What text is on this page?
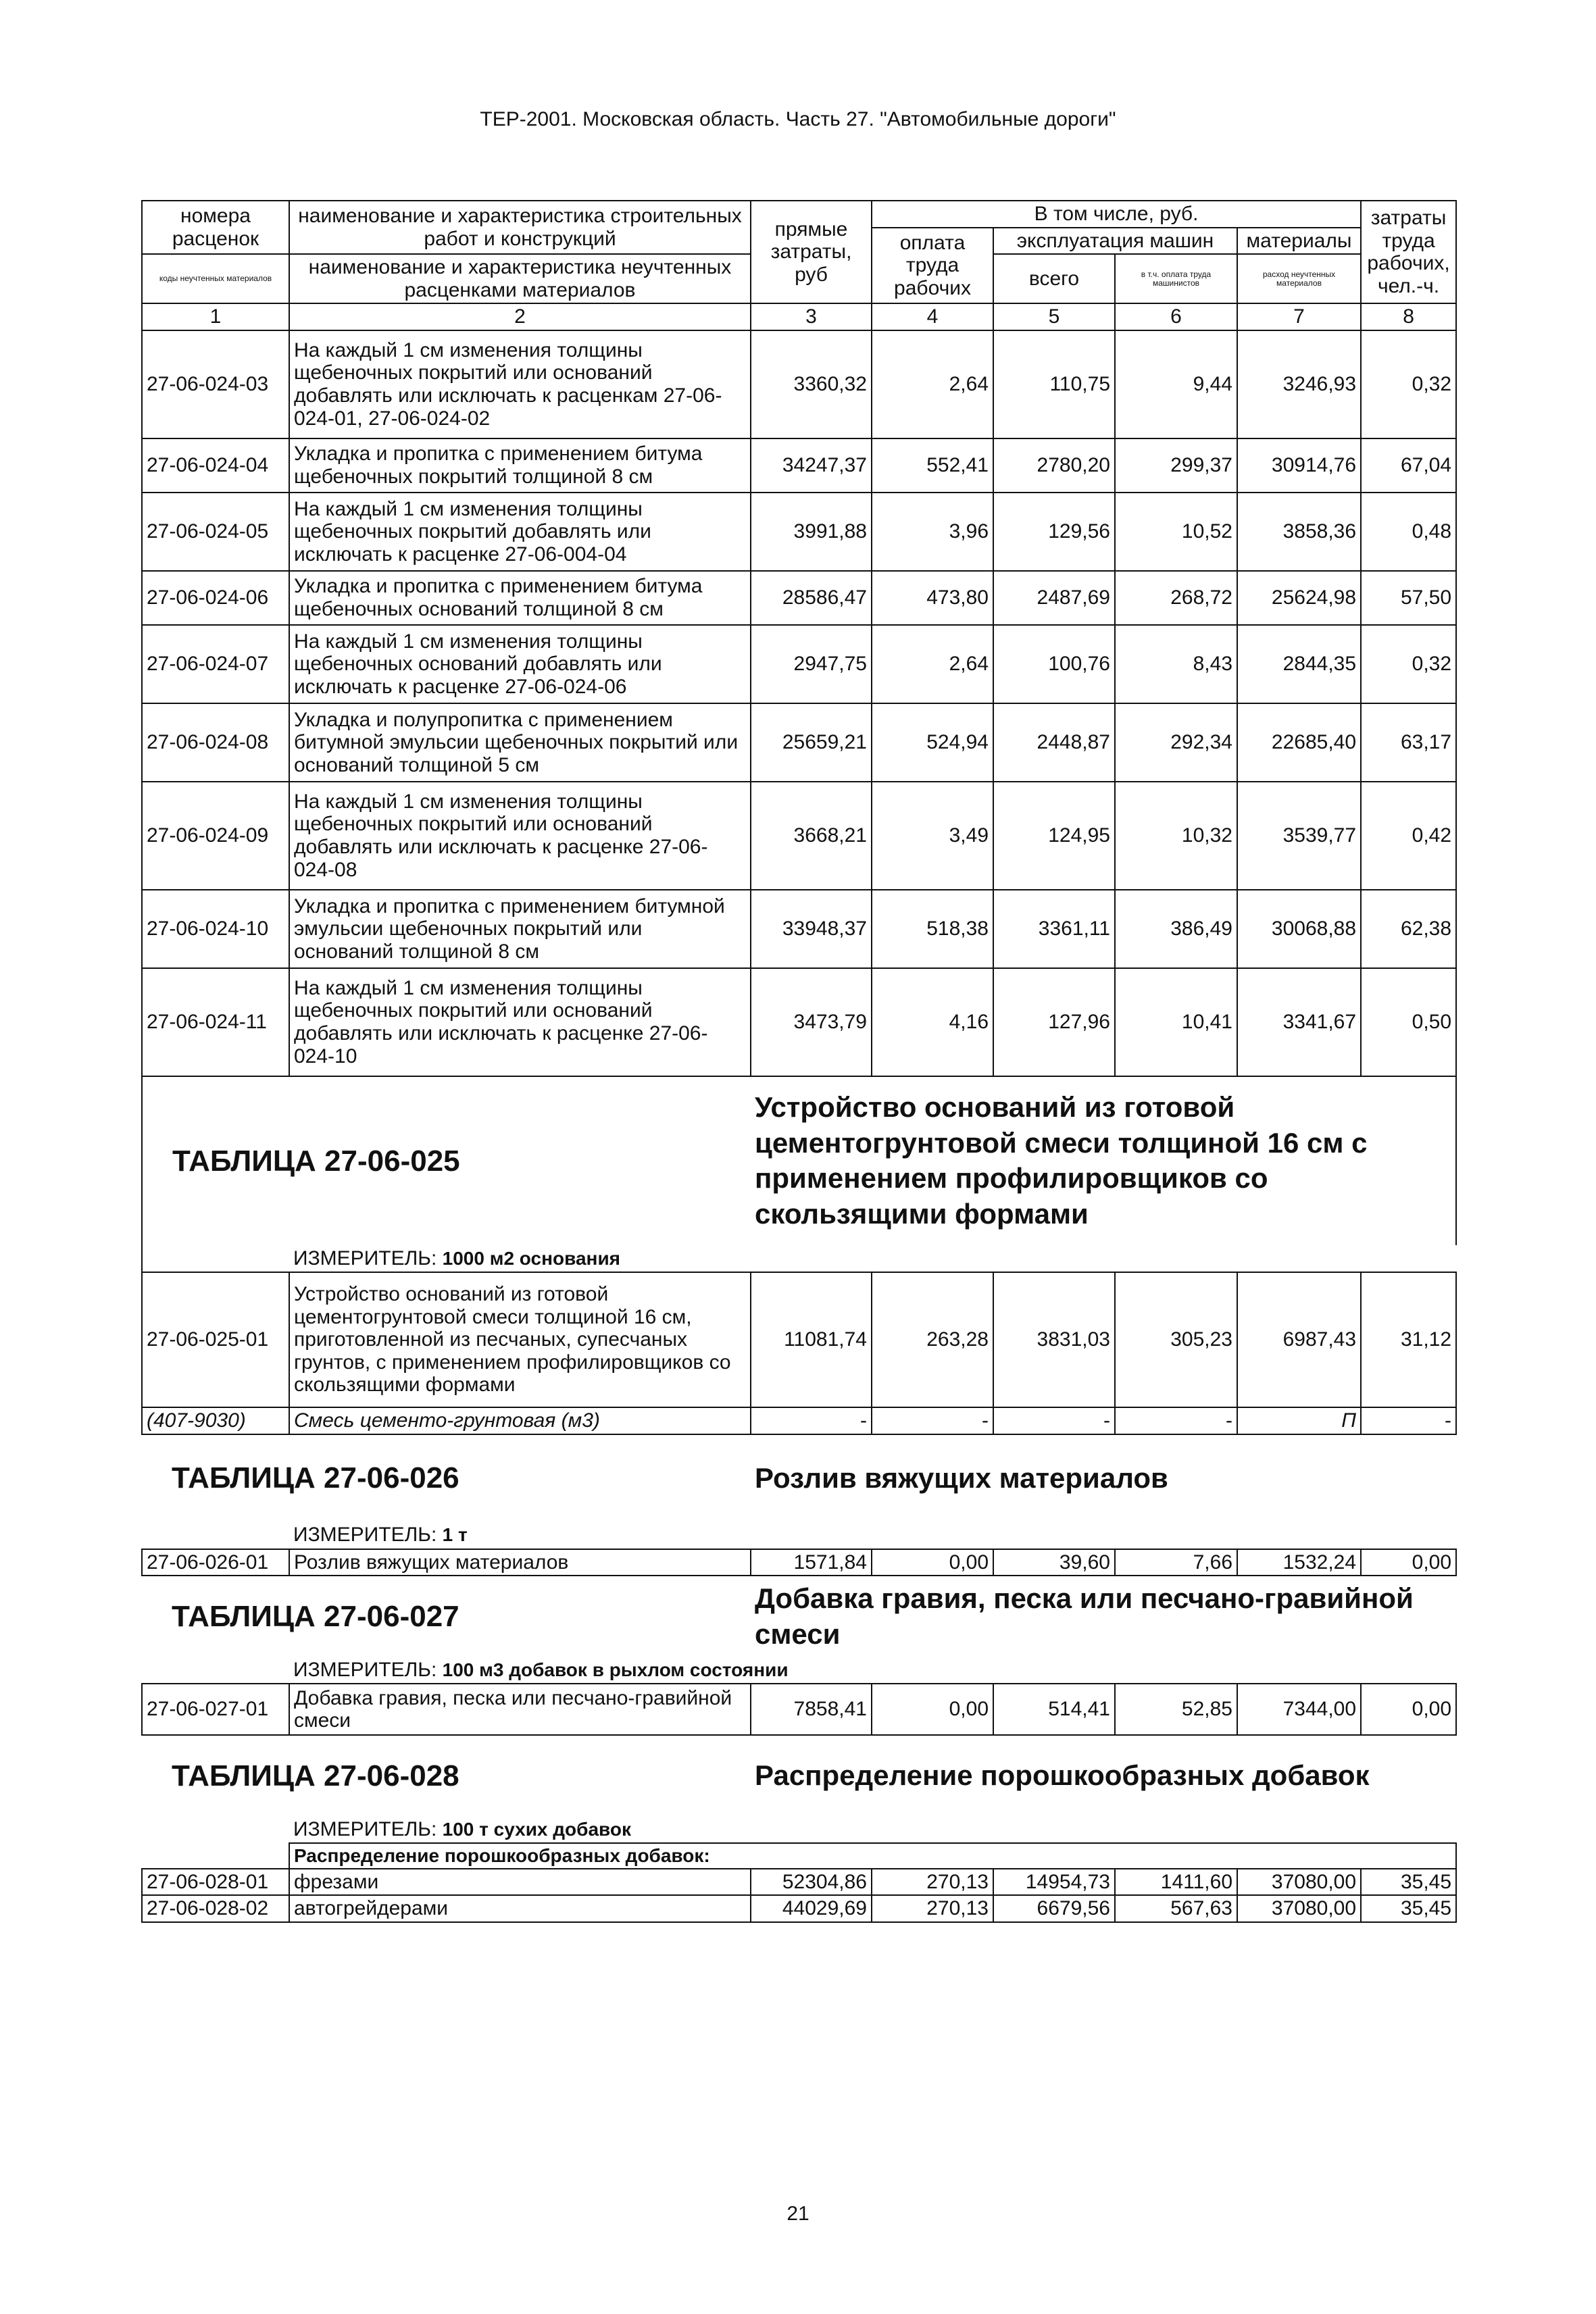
ТЕР-2001. Московская область. Часть 27. "Автомобильные дороги"
номера расценок	наименование и характеристика строительных работ и конструкций	прямые затраты, руб	В том числе, руб.				затраты труда рабочих, чел.-ч.
			оплата труда рабочих	эксплуатация машин		материалы	
коды неучтенных материалов	наименование и характеристика неучтенных расценками материалов			всего	в т.ч. оплата труда машинистов	расход неучтенных материалов	

1	2	3	4	5	6	7	8
27-06-024-03	На каждый 1 см изменения толщины щебеночных покрытий или оснований добавлять или исключать к расценкам 27-06-024-01, 27-06-024-02	3360,32	2,64	110,75	9,44	3246,93	0,32
27-06-024-04	Укладка и пропитка с применением битума щебеночных покрытий толщиной 8 см	34247,37	552,41	2780,20	299,37	30914,76	67,04
27-06-024-05	На каждый 1 см изменения толщины щебеночных покрытий добавлять или исключать к расценке 27-06-004-04	3991,88	3,96	129,56	10,52	3858,36	0,48
27-06-024-06	Укладка и пропитка с применением битума щебеночных оснований толщиной 8 см	28586,47	473,80	2487,69	268,72	25624,98	57,50
27-06-024-07	На каждый 1 см изменения толщины щебеночных оснований добавлять или исключать к расценке 27-06-024-06	2947,75	2,64	100,76	8,43	2844,35	0,32
27-06-024-08	Укладка и полупропитка с применением битумной эмульсии щебеночных покрытий или оснований толщиной 5 см	25659,21	524,94	2448,87	292,34	22685,40	63,17
27-06-024-09	На каждый 1 см изменения толщины щебеночных покрытий или оснований добавлять или исключать к расценке 27-06-024-08	3668,21	3,49	124,95	10,32	3539,77	0,42
27-06-024-10	Укладка и пропитка с применением битумной эмульсии щебеночных покрытий или оснований толщиной 8 см	33948,37	518,38	3361,11	386,49	30068,88	62,38
27-06-024-11	На каждый 1 см изменения толщины щебеночных покрытий или оснований добавлять или исключать к расценке 27-06-024-10	3473,79	4,16	127,96	10,41	3341,67	0,50
ТАБЛИЦА 27-06-025		Устройство оснований из готовой цементогрунтовой смеси толщиной 16 см с применением профилировщиков со скользящими формами					
	ИЗМЕРИТЕЛЬ: 1000 м2 основания						
27-06-025-01	Устройство оснований из готовой цементогрунтовой смеси толщиной 16 см, приготовленной из песчаных, супесчаных грунтов, с применением профилировщиков со скользящими формами	11081,74	263,28	3831,03	305,23	6987,43	31,12
(407-9030)	Смесь цементо-грунтовая (м3)	-	-	-	-	П	-
ТАБЛИЦА 27-06-026		Розлив вяжущих материалов					
	ИЗМЕРИТЕЛЬ: 1 т						
27-06-026-01	Розлив вяжущих материалов	1571,84	0,00	39,60	7,66	1532,24	0,00
ТАБЛИЦА 27-06-027		Добавка гравия, песка или песчано-гравийной смеси					
	ИЗМЕРИТЕЛЬ: 100 м3 добавок в рыхлом состоянии						
27-06-027-01	Добавка гравия, песка или песчано-гравийной смеси	7858,41	0,00	514,41	52,85	7344,00	0,00
ТАБЛИЦА 27-06-028		Распределение порошкообразных добавок					
	ИЗМЕРИТЕЛЬ: 100 т сухих добавок						
	Распределение порошкообразных добавок:						
27-06-028-01	фрезами	52304,86	270,13	14954,73	1411,60	37080,00	35,45
27-06-028-02	автогрейдерами	44029,69	270,13	6679,56	567,63	37080,00	35,45
21
